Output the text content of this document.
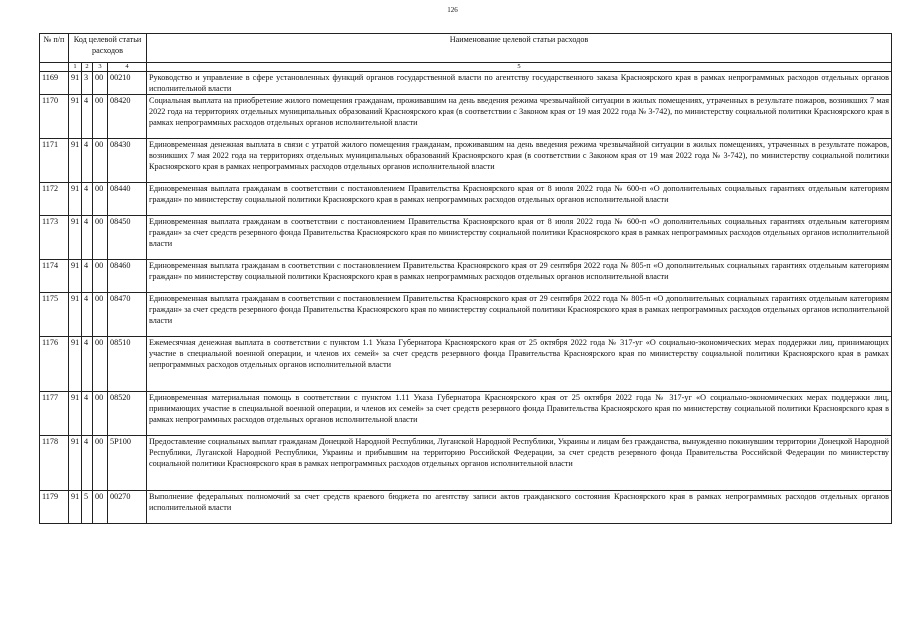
126
№ п/п	Код целевой статьи расходов				Наименование целевой статьи расходов
	1	2	3	4	5
1169	91	3	00	00210	Руководство и управление в сфере установленных функций органов государственной власти по агентству государственного заказа Красноярского края в рамках непрограммных расходов отдельных органов исполнительной власти
1170	91	4	00	08420	Социальная выплата на приобретение жилого помещения гражданам, проживавшим на день введения режима чрезвычайной ситуации в жилых помещениях, утраченных в результате пожаров, возникших 7 мая 2022 года на территориях отдельных муниципальных образований Красноярского края (в соответствии с Законом края от 19 мая 2022 года № 3-742), по министерству социальной политики Красноярского края в рамках непрограммных расходов отдельных органов исполнительной власти
1171	91	4	00	08430	Единовременная денежная выплата в связи с утратой жилого помещения гражданам, проживавшим на день введения режима чрезвычайной ситуации в жилых помещениях, утраченных в результате пожаров, возникших 7 мая 2022 года на территориях отдельных муниципальных образований Красноярского края (в соответствии с Законом края от 19 мая 2022 года № 3-742), по министерству социальной политики Красноярского края в рамках непрограммных расходов отдельных органов исполнительной власти
1172	91	4	00	08440	Единовременная выплата гражданам в соответствии с постановлением Правительства Красноярского края от 8 июля 2022 года № 600-п «О дополнительных социальных гарантиях отдельным категориям граждан» по министерству социальной политики Красноярского края в рамках непрограммных расходов отдельных органов исполнительной власти
1173	91	4	00	08450	Единовременная выплата гражданам в соответствии с постановлением Правительства Красноярского края от 8 июля 2022 года № 600-п «О дополнительных социальных гарантиях отдельным категориям граждан» за счет средств резервного фонда Правительства Красноярского края по министерству социальной политики Красноярского края в рамках непрограммных расходов отдельных органов исполнительной власти
1174	91	4	00	08460	Единовременная выплата гражданам в соответствии с постановлением Правительства Красноярского края от 29 сентября 2022 года № 805-п «О дополнительных социальных гарантиях отдельным категориям граждан» по министерству социальной политики Красноярского края в рамках непрограммных расходов отдельных органов исполнительной власти
1175	91	4	00	08470	Единовременная выплата гражданам в соответствии с постановлением Правительства Красноярского края от 29 сентября 2022 года № 805-п «О дополнительных социальных гарантиях отдельным категориям граждан» за счет средств резервного фонда Правительства Красноярского края по министерству социальной политики Красноярского края в рамках непрограммных расходов отдельных органов исполнительной власти
1176	91	4	00	08510	Ежемесячная денежная выплата в соответствии с пунктом 1.1 Указа Губернатора Красноярского края от 25 октября 2022 года № 317-уг «О социально-экономических мерах поддержки лиц, принимающих участие в специальной военной операции, и членов их семей» за счет средств резервного фонда Правительства Красноярского края по министерству социальной политики Красноярского края в рамках непрограммных расходов отдельных органов исполнительной власти
1177	91	4	00	08520	Единовременная материальная помощь в соответствии с пунктом 1.11 Указа Губернатора Красноярского края от 25 октября 2022 года № 317-уг «О социально-экономических мерах поддержки лиц, принимающих участие в специальной военной операции, и членов их семей» за счет средств резервного фонда Правительства Красноярского края по министерству социальной политики Красноярского края в рамках непрограммных расходов отдельных органов исполнительной власти
1178	91	4	00	5Р100	Предоставление социальных выплат гражданам Донецкой Народной Республики, Луганской Народной Республики, Украины и лицам без гражданства, вынужденно покинувшим территории Донецкой Народной Республики, Луганской Народной Республики, Украины и прибывшим на территорию Российской Федерации, за счет средств резервного фонда Правительства Российской Федерации по министерству социальной политики Красноярского края в рамках непрограммных расходов отдельных органов исполнительной власти
1179	91	5	00	00270	Выполнение федеральных полномочий за счет средств краевого бюджета по агентству записи актов гражданского состояния Красноярского края в рамках непрограммных расходов отдельных органов исполнительной власти
